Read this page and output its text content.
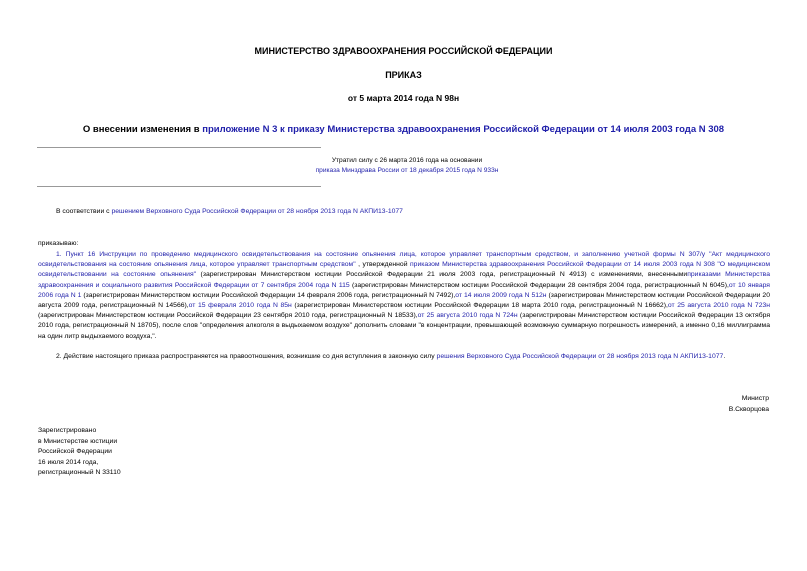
МИНИСТЕРСТВО ЗДРАВООХРАНЕНИЯ РОССИЙСКОЙ ФЕДЕРАЦИИ
ПРИКАЗ
от 5 марта 2014 года N 98н
О внесении изменения в приложение N 3 к приказу Министерства здравоохранения Российской Федерации от 14 июля 2003 года N 308
Утратил силу с 26 марта 2016 года на основании
приказа Минздрава России от 18 декабря 2015 года N 933н
В соответствии с решением Верховного Суда Российской Федерации от 28 ноября 2013 года N АКПИ13-1077
приказываю:

1. Пункт 16 Инструкции по проведению медицинского освидетельствования на состояние опьянения лица, которое управляет транспортным средством, и заполнению учетной формы N 307/у "Акт медицинского освидетельствования на состояние опьянения лица, которое управляет транспортным средством" , утвержденной приказом Министерства здравоохранения Российской Федерации от 14 июля 2003 года N 308 "О медицинском освидетельствовании на состояние опьянения" (зарегистрирован Министерством юстиции Российской Федерации 21 июля 2003 года, регистрационный N 4913) с изменениями, внесеннымиприказами Министерства здравоохранения и социального развития Российской Федерации от 7 сентября 2004 года N 115 (зарегистрирован Министерством юстиции Российской Федерации 28 сентября 2004 года, регистрационный N 6045),от 10 января 2006 года N 1 (зарегистрирован Министерством юстиции Российской Федерации 14 февраля 2006 года, регистрационный N 7492),от 14 июля 2009 года N 512н (зарегистрирован Министерством юстиции Российской Федерации 20 августа 2009 года, регистрационный N 14566),от 15 февраля 2010 года N 85н (зарегистрирован Министерством юстиции Российской Федерации 18 марта 2010 года, регистрационный N 16662),от 25 августа 2010 года N 723н (зарегистрирован Министерством юстиции Российской Федерации 23 сентября 2010 года, регистрационный N 18533),от 25 августа 2010 года N 724н (зарегистрирован Министерством юстиции Российской Федерации 13 октября 2010 года, регистрационный N 18705), после слов "определения алкоголя в выдыхаемом воздухе" дополнить словами "в концентрации, превышающей возможную суммарную погрешность измерений, а именно 0,16 миллиграмма на один литр выдыхаемого воздуха,".

2. Действие настоящего приказа распространяется на правоотношения, возникшие со дня вступления в законную силу решения Верховного Суда Российской Федерации от 28 ноября 2013 года N АКПИ13-1077.

Министр
В.Скворцова
Зарегистрировано
в Министерстве юстиции
Российской Федерации
16 июля 2014 года,
регистрационный N 33110
